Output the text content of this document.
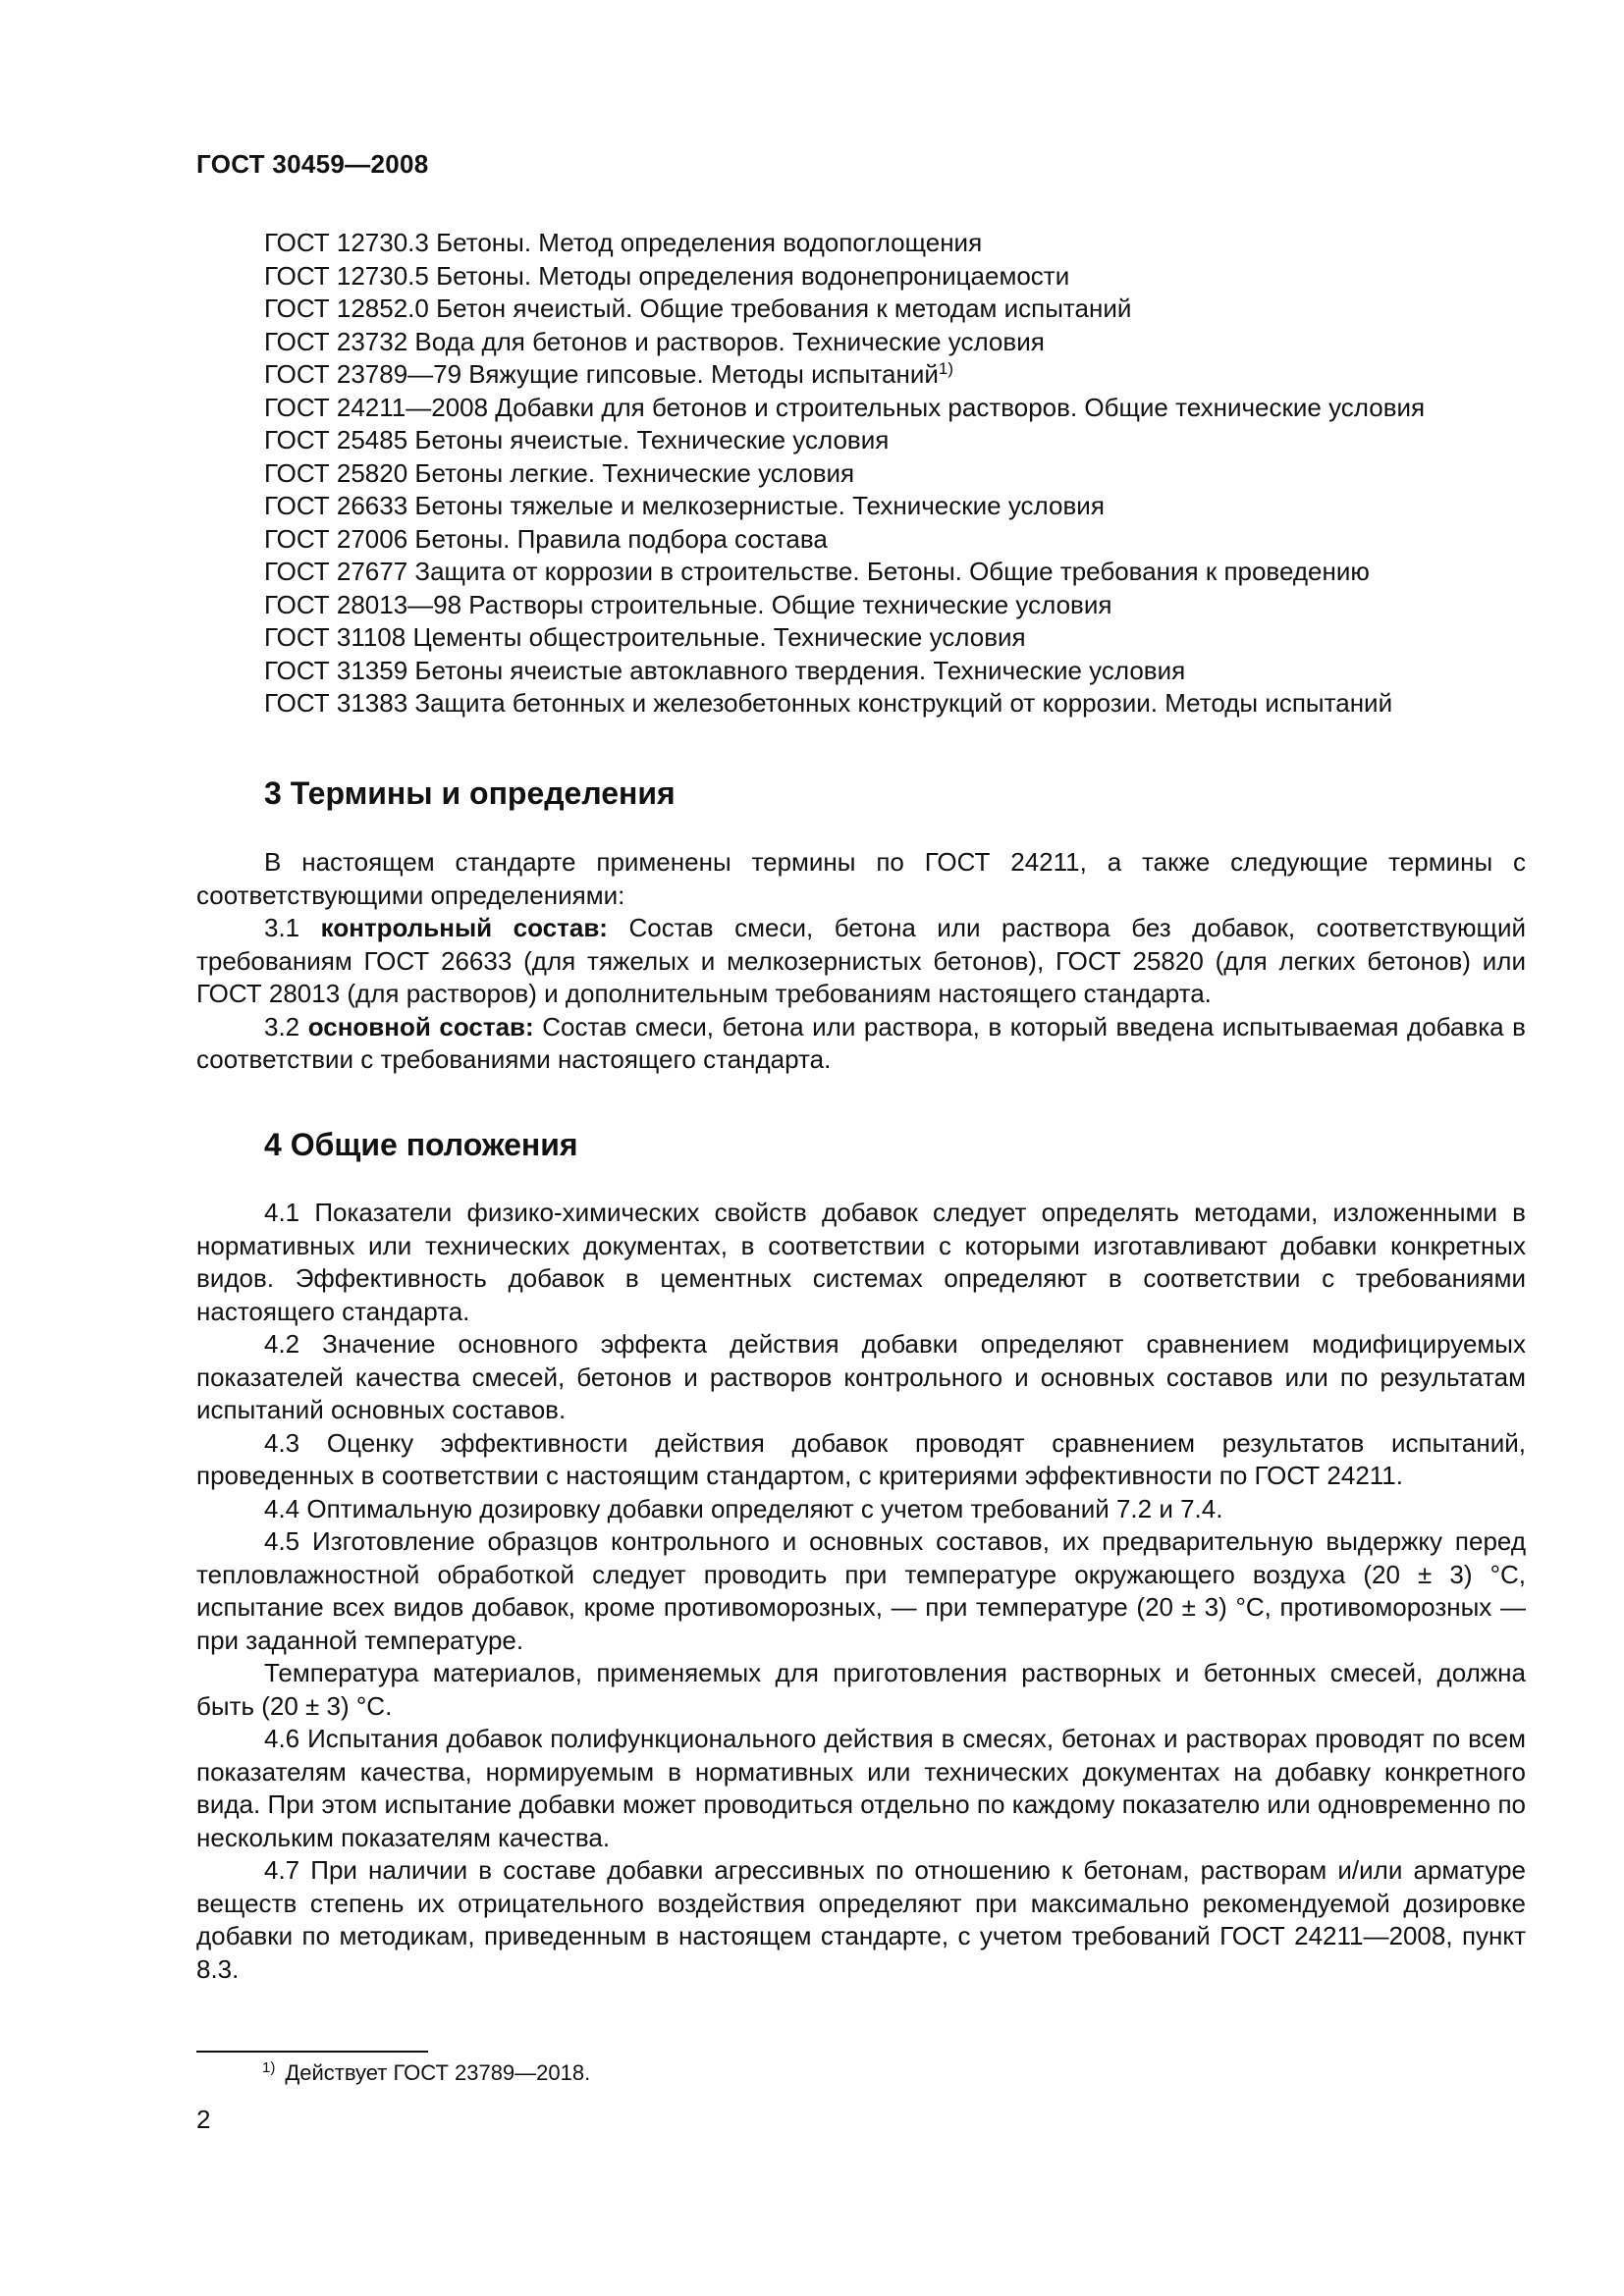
ГОСТ 30459—2008
ГОСТ 12730.3 Бетоны. Метод определения водопоглощения
ГОСТ 12730.5 Бетоны. Методы определения водонепроницаемости
ГОСТ 12852.0 Бетон ячеистый. Общие требования к методам испытаний
ГОСТ 23732 Вода для бетонов и растворов. Технические условия
ГОСТ 23789—79 Вяжущие гипсовые. Методы испытаний$^{1)}$
ГОСТ 24211—2008 Добавки для бетонов и строительных растворов. Общие технические условия
ГОСТ 25485 Бетоны ячеистые. Технические условия
ГОСТ 25820 Бетоны легкие. Технические условия
ГОСТ 26633 Бетоны тяжелые и мелкозернистые. Технические условия
ГОСТ 27006 Бетоны. Правила подбора состава
ГОСТ 27677 Защита от коррозии в строительстве. Бетоны. Общие требования к проведению
ГОСТ 28013—98 Растворы строительные. Общие технические условия
ГОСТ 31108 Цементы общестроительные. Технические условия
ГОСТ 31359 Бетоны ячеистые автоклавного твердения. Технические условия
ГОСТ 31383 Защита бетонных и железобетонных конструкций от коррозии. Методы испытаний
3 Термины и определения

В настоящем стандарте применены термины по ГОСТ 24211, а также следующие термины с соответствующими определениями:

3.1 контрольный состав: Состав смеси, бетона или раствора без добавок, соответствующий требованиям ГОСТ 26633 (для тяжелых и мелкозернистых бетонов), ГОСТ 25820 (для легких бетонов) или ГОСТ 28013 (для растворов) и дополнительным требованиям настоящего стандарта.

3.2 основной состав: Состав смеси, бетона или раствора, в который введена испытываемая добавка в соответствии с требованиями настоящего стандарта.

4 Общие положения

4.1 Показатели физико-химических свойств добавок следует определять методами, изложенными в нормативных или технических документах, в соответствии с которыми изготавливают добавки конкретных видов. Эффективность добавок в цементных системах определяют в соответствии с требованиями настоящего стандарта.

4.2 Значение основного эффекта действия добавки определяют сравнением модифицируемых показателей качества смесей, бетонов и растворов контрольного и основных составов или по результатам испытаний основных составов.

4.3 Оценку эффективности действия добавок проводят сравнением результатов испытаний, проведенных в соответствии с настоящим стандартом, с критериями эффективности по ГОСТ 24211.

4.4 Оптимальную дозировку добавки определяют с учетом требований 7.2 и 7.4.

4.5 Изготовление образцов контрольного и основных составов, их предварительную выдержку перед тепловлажностной обработкой следует проводить при температуре окружающего воздуха (20 ± 3) °С, испытание всех видов добавок, кроме противоморозных, — при температуре (20 ± 3) °С, противоморозных — при заданной температуре.

Температура материалов, применяемых для приготовления растворных и бетонных смесей, должна быть (20 ± 3) °С.

4.6 Испытания добавок полифункционального действия в смесях, бетонах и растворах проводят по всем показателям качества, нормируемым в нормативных или технических документах на добавку конкретного вида. При этом испытание добавки может проводиться отдельно по каждому показателю или одновременно по нескольким показателям качества.

4.7 При наличии в составе добавки агрессивных по отношению к бетонам, растворам и/или арматуре веществ степень их отрицательного воздействия определяют при максимально рекомендуемой дозировке добавки по методикам, приведенным в настоящем стандарте, с учетом требований ГОСТ 24211—2008, пункт 8.3.

$^{1)}$ Действует ГОСТ 23789—2018.
2
